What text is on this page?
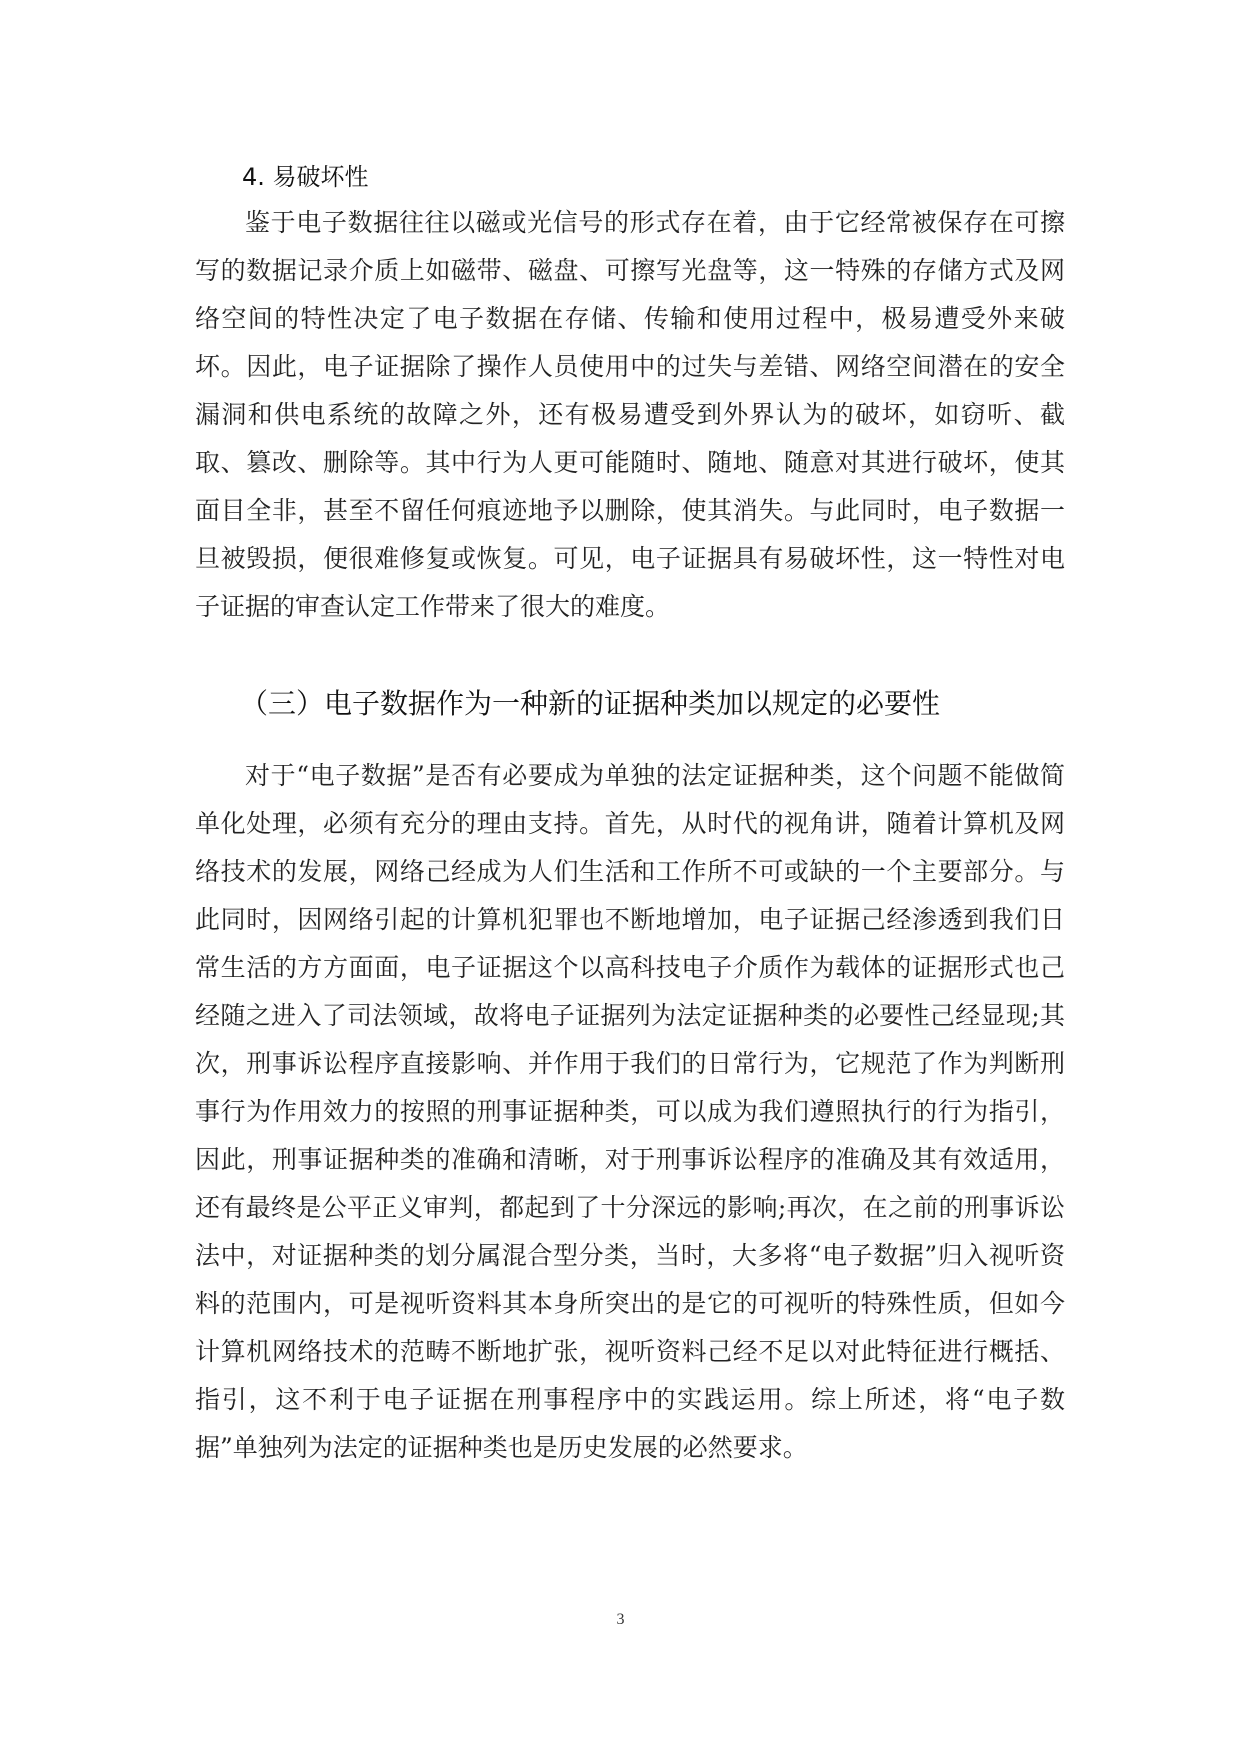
4. 易破坏性

鉴于电子数据往往以磁或光信号的形式存在着，由于它经常被保存在可擦写的数据记录介质上如磁带、磁盘、可擦写光盘等，这一特殊的存储方式及网络空间的特性决定了电子数据在存储、传输和使用过程中，极易遭受外来破坏。因此，电子证据除了操作人员使用中的过失与差错、网络空间潜在的安全漏洞和供电系统的故障之外，还有极易遭受到外界认为的破坏，如窃听、截取、篡改、删除等。其中行为人更可能随时、随地、随意对其进行破坏，使其面目全非，甚至不留任何痕迹地予以删除，使其消失。与此同时，电子数据一旦被毁损，便很难修复或恢复。可见，电子证据具有易破坏性，这一特性对电子证据的审查认定工作带来了很大的难度。

（三）电子数据作为一种新的证据种类加以规定的必要性

对于“电子数据”是否有必要成为单独的法定证据种类，这个问题不能做简单化处理，必须有充分的理由支持。首先，从时代的视角讲，随着计算机及网络技术的发展，网络己经成为人们生活和工作所不可或缺的一个主要部分。与此同时，因网络引起的计算机犯罪也不断地增加，电子证据己经渗透到我们日常生活的方方面面，电子证据这个以高科技电子介质作为载体的证据形式也己经随之进入了司法领域，故将电子证据列为法定证据种类的必要性己经显现;其次，刑事诉讼程序直接影响、并作用于我们的日常行为，它规范了作为判断刑事行为作用效力的按照的刑事证据种类，可以成为我们遵照执行的行为指引，因此，刑事证据种类的准确和清晰，对于刑事诉讼程序的准确及其有效适用，还有最终是公平正义审判，都起到了十分深远的影响;再次，在之前的刑事诉讼法中，对证据种类的划分属混合型分类，当时，大多将“电子数据”归入视听资料的范围内，可是视听资料其本身所突出的是它的可视听的特殊性质，但如今计算机网络技术的范畴不断地扩张，视听资料己经不足以对此特征进行概括、指引，这不利于电子证据在刑事程序中的实践运用。综上所述，将“电子数据”单独列为法定的证据种类也是历史发展的必然要求。

3
